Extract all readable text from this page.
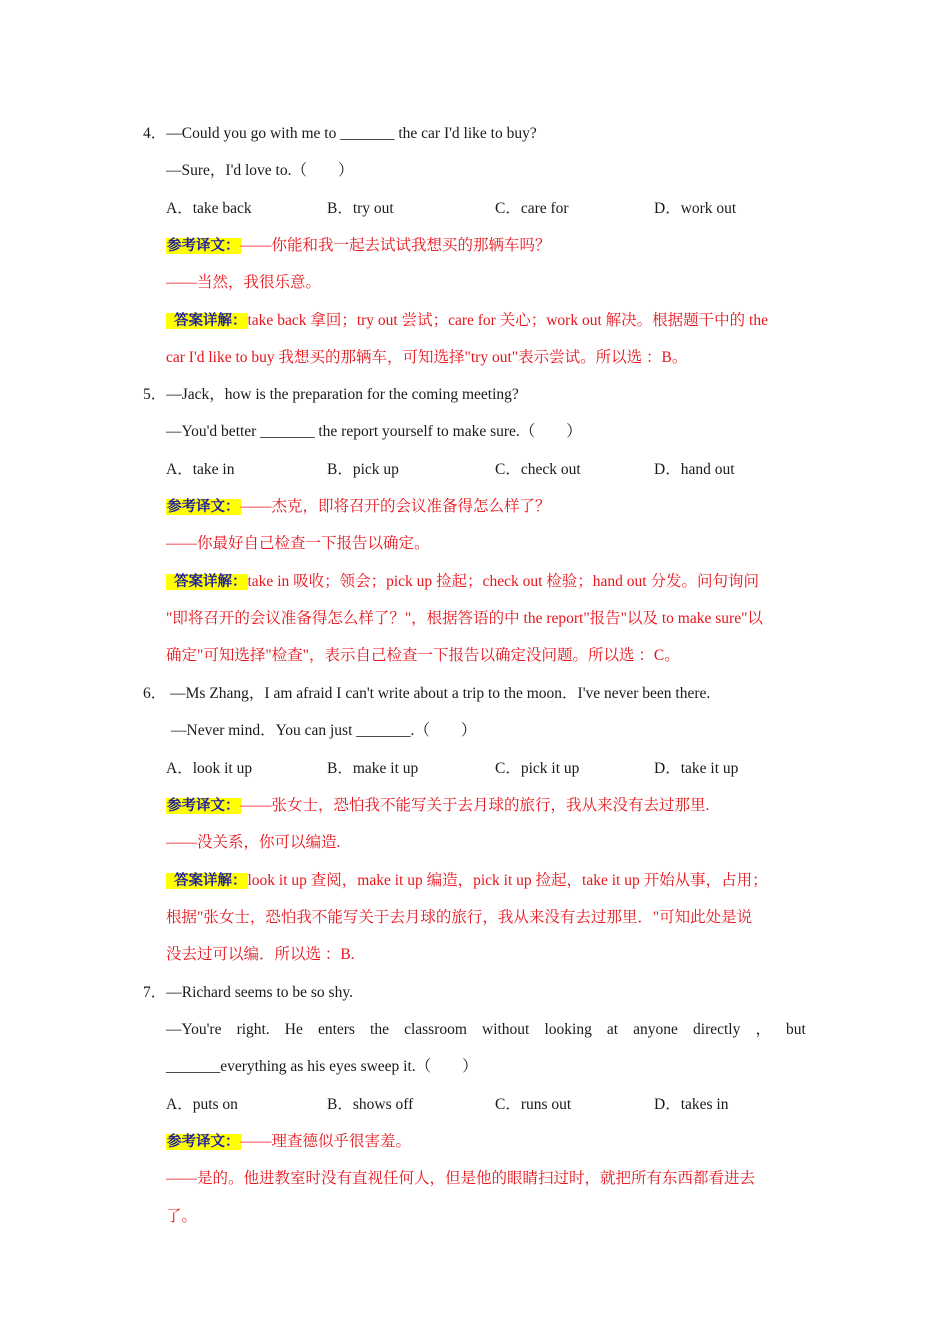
4．—Could you go with me to _______ the car I'd like to buy?
—Sure，I'd love to.（　　）
A．take back	B．try out	C．care for	D．work out
参考译文：——你能和我一起去试试我想买的那辆车吗？
——当然，我很乐意。
答案详解：take back 拿回；try out 尝试；care for 关心；work out 解决。根据题干中的 the
car I'd like to buy 我想买的那辆车，可知选择"try out"表示尝试。所以选 ：B。
5．—Jack，how is the preparation for the coming meeting?
—You'd better _______ the report yourself to make sure.（　　）
A．take in	B．pick up	C．check out	D．hand out
参考译文：——杰克，即将召开的会议准备得怎么样了？
——你最好自己检查一下报告以确定。
答案详解：take in 吸收；领会；pick up 捡起；check out 检验；hand out 分发。问句询问
"即将召开的会议准备得怎么样了？"，根据答语的中 the report"报告"以及 to make sure"以
确定"可知选择"检查"，表示自己检查一下报告以确定没问题。所以选 ：C。
6． —Ms Zhang，I am afraid I can't write about a trip to the moon．I've never been there.
—Never mind．You can just _______.（　　）
A．look it up	B．make it up	C．pick it up	D．take it up
参考译文：——张女士，恐怕我不能写关于去月球的旅行，我从来没有去过那里.
——没关系，你可以编造.
答案详解：look it up 查阅，make it up 编造，pick it up 捡起，take it up 开始从事，占用；
根据"张女士，恐怕我不能写关于去月球的旅行，我从来没有去过那里．"可知此处是说
没去过可以编．所以选 ：B.
7．—Richard seems to be so shy.
—You're right. He enters the classroom without looking at anyone directly ， but
_______everything as his eyes sweep it.（　　）
A．puts on	B．shows off	C．runs out	D．takes in
参考译文：——理查德似乎很害羞。
——是的。他进教室时没有直视任何人，但是他的眼睛扫过时，就把所有东西都看进去
了。
